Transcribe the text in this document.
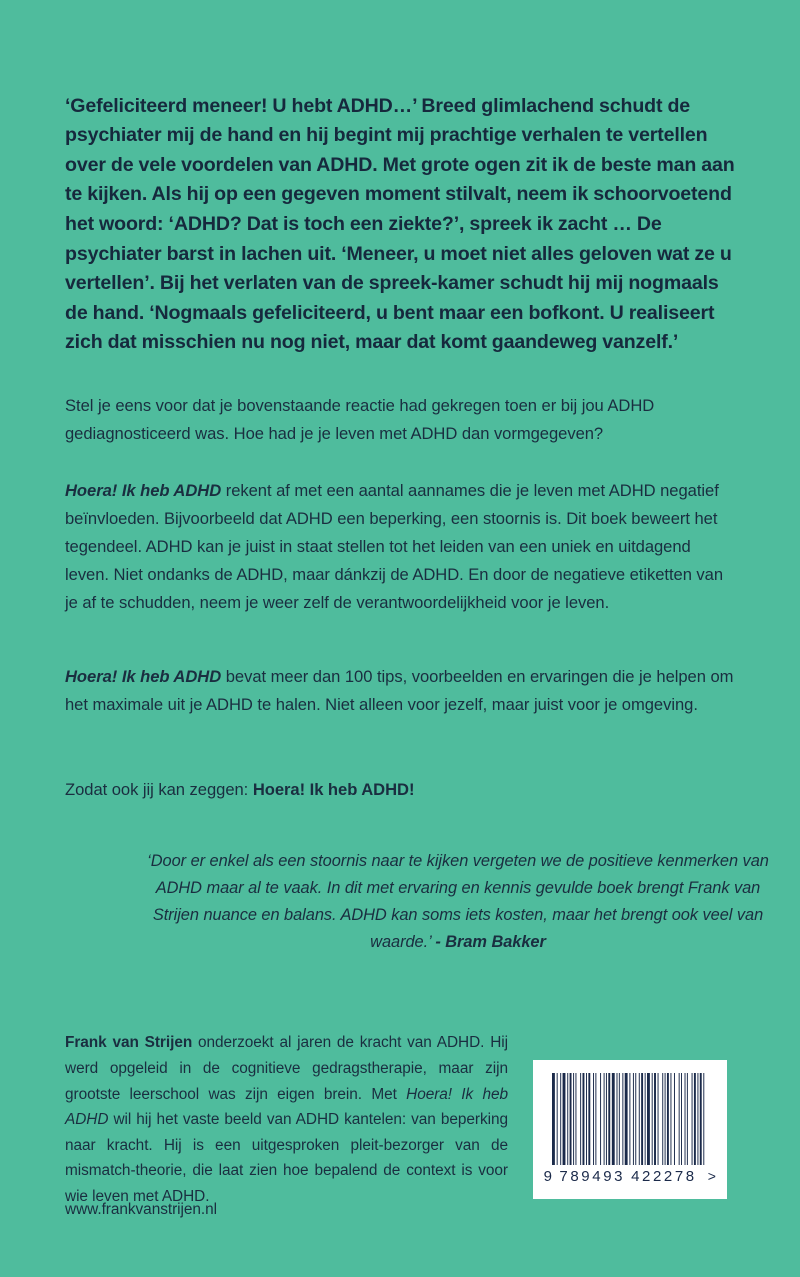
‘Gefeliciteerd meneer! U hebt ADHD…’ Breed glimlachend schudt de psychiater mij de hand en hij begint mij prachtige verhalen te vertellen over de vele voordelen van ADHD. Met grote ogen zit ik de beste man aan te kijken. Als hij op een gegeven moment stilvalt, neem ik schoorvoetend het woord: ‘ADHD? Dat is toch een ziekte?’, spreek ik zacht … De psychiater barst in lachen uit. ‘Meneer, u moet niet alles geloven wat ze u vertellen’. Bij het verlaten van de spreek-kamer schudt hij mij nogmaals de hand. ‘Nogmaals gefeliciteerd, u bent maar een bofkont. U realiseert zich dat misschien nu nog niet, maar dat komt gaandeweg vanzelf.’

Stel je eens voor dat je bovenstaande reactie had gekregen toen er bij jou ADHD gediagnosticeerd was. Hoe had je je leven met ADHD dan vormgegeven?

Hoera! Ik heb ADHD rekent af met een aantal aannames die je leven met ADHD negatief beïnvloeden. Bijvoorbeeld dat ADHD een beperking, een stoornis is. Dit boek beweert het tegendeel. ADHD kan je juist in staat stellen tot het leiden van een uniek en uitdagend leven. Niet ondanks de ADHD, maar dánkzij de ADHD. En door de negatieve etiketten van je af te schudden, neem je weer zelf de verantwoordelijkheid voor je leven.

Hoera! Ik heb ADHD bevat meer dan 100 tips, voorbeelden en ervaringen die je helpen om het maximale uit je ADHD te halen. Niet alleen voor jezelf, maar juist voor je omgeving.

Zodat ook jij kan zeggen: Hoera! Ik heb ADHD!

‘Door er enkel als een stoornis naar te kijken vergeten we de positieve kenmerken van ADHD maar al te vaak. In dit met ervaring en kennis gevulde boek brengt Frank van Strijen nuance en balans. ADHD kan soms iets kosten, maar het brengt ook veel van waarde.’ - Bram Bakker

Frank van Strijen onderzoekt al jaren de kracht van ADHD. Hij werd opgeleid in de cognitieve gedragstherapie, maar zijn grootste leerschool was zijn eigen brein. Met Hoera! Ik heb ADHD wil hij het vaste beeld van ADHD kantelen: van beperking naar kracht. Hij is een uitgesproken pleit-bezorger van de mismatch-theorie, die laat zien hoe bepalend de context is voor wie leven met ADHD.

www.frankvanstrijen.nl

9 789493 422278 >
